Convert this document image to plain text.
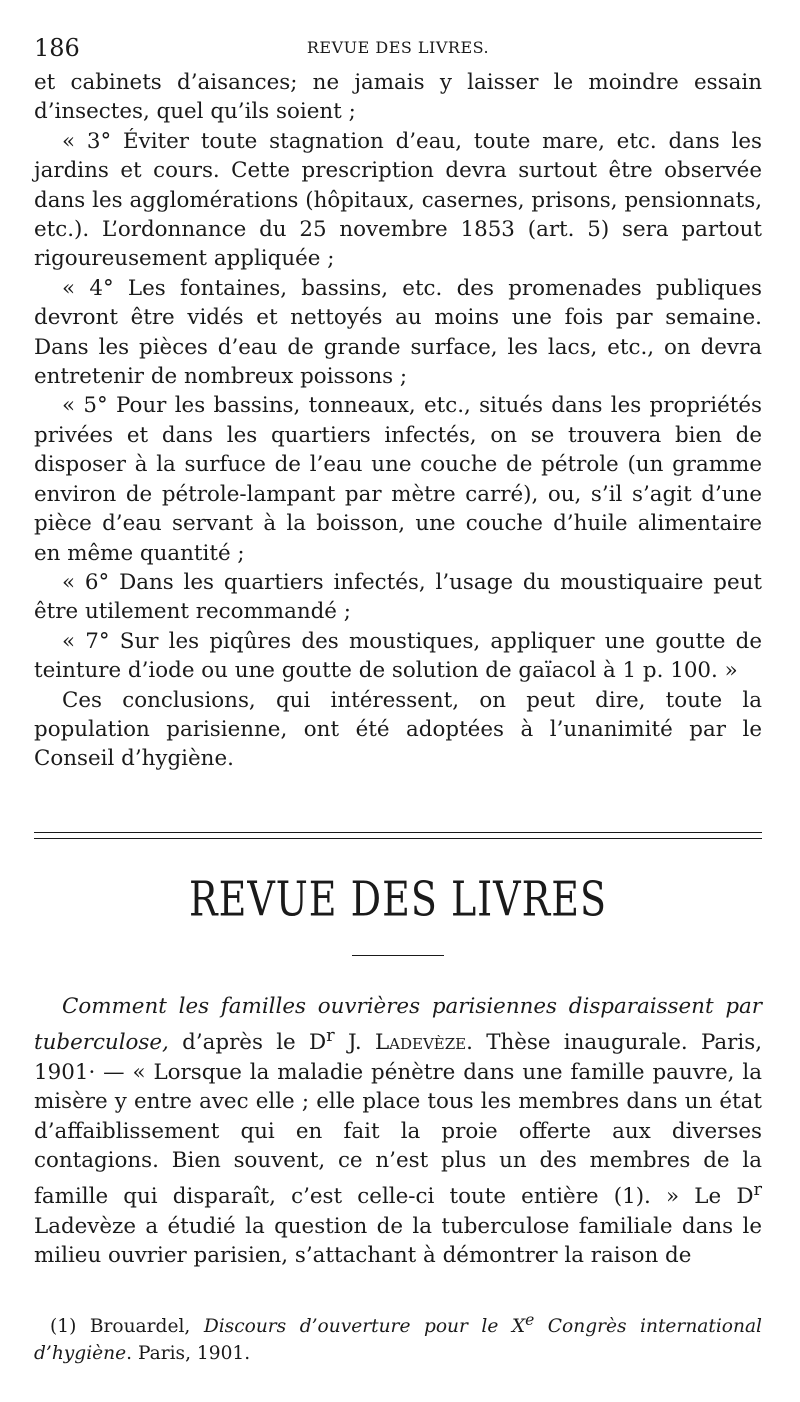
186	REVUE DES LIVRES.

et cabinets d’aisances; ne jamais y laisser le moindre essain d’insectes, quel qu’ils soient ;

« 3° Éviter toute stagnation d’eau, toute mare, etc. dans les jardins et cours. Cette prescription devra surtout être observée dans les agglomérations (hôpitaux, casernes, prisons, pensionnats, etc.). L’ordonnance du 25 novembre 1853 (art. 5) sera partout rigoureusement appliquée ;

« 4° Les fontaines, bassins, etc. des promenades publiques devront être vidés et nettoyés au moins une fois par semaine. Dans les pièces d’eau de grande surface, les lacs, etc., on devra entretenir de nombreux poissons ;

« 5° Pour les bassins, tonneaux, etc., situés dans les propriétés privées et dans les quartiers infectés, on se trouvera bien de disposer à la surfuce de l’eau une couche de pétrole (un gramme environ de pétrole-lampant par mètre carré), ou, s’il s’agit d’une pièce d’eau servant à la boisson, une couche d’huile alimentaire en même quantité ;

« 6° Dans les quartiers infectés, l’usage du moustiquaire peut être utilement recommandé ;

« 7° Sur les piqûres des moustiques, appliquer une goutte de teinture d’iode ou une goutte de solution de gaïacol à 1 p. 100. »

Ces conclusions, qui intéressent, on peut dire, toute la population parisienne, ont été adoptées à l’unanimité par le Conseil d’hygiène.

REVUE DES LIVRES

Comment les familles ouvrières parisiennes disparaissent par tuberculose, d’après le $D^r$ J. Ladevèze. Thèse inaugurale. Paris, 1901· — « Lorsque la maladie pénètre dans une famille pauvre, la misère y entre avec elle ; elle place tous les membres dans un état d’affaiblissement qui en fait la proie offerte aux diverses contagions. Bien souvent, ce n’est plus un des membres de la famille qui disparaît, c’est celle-ci toute entière (1). » Le $D^r$ Ladevèze a étudié la question de la tuberculose familiale dans le milieu ouvrier parisien, s’attachant à démontrer la raison de

(1) Brouardel, Discours d’ouverture pour le Xe Congrès international d’hygiène. Paris, 1901.
